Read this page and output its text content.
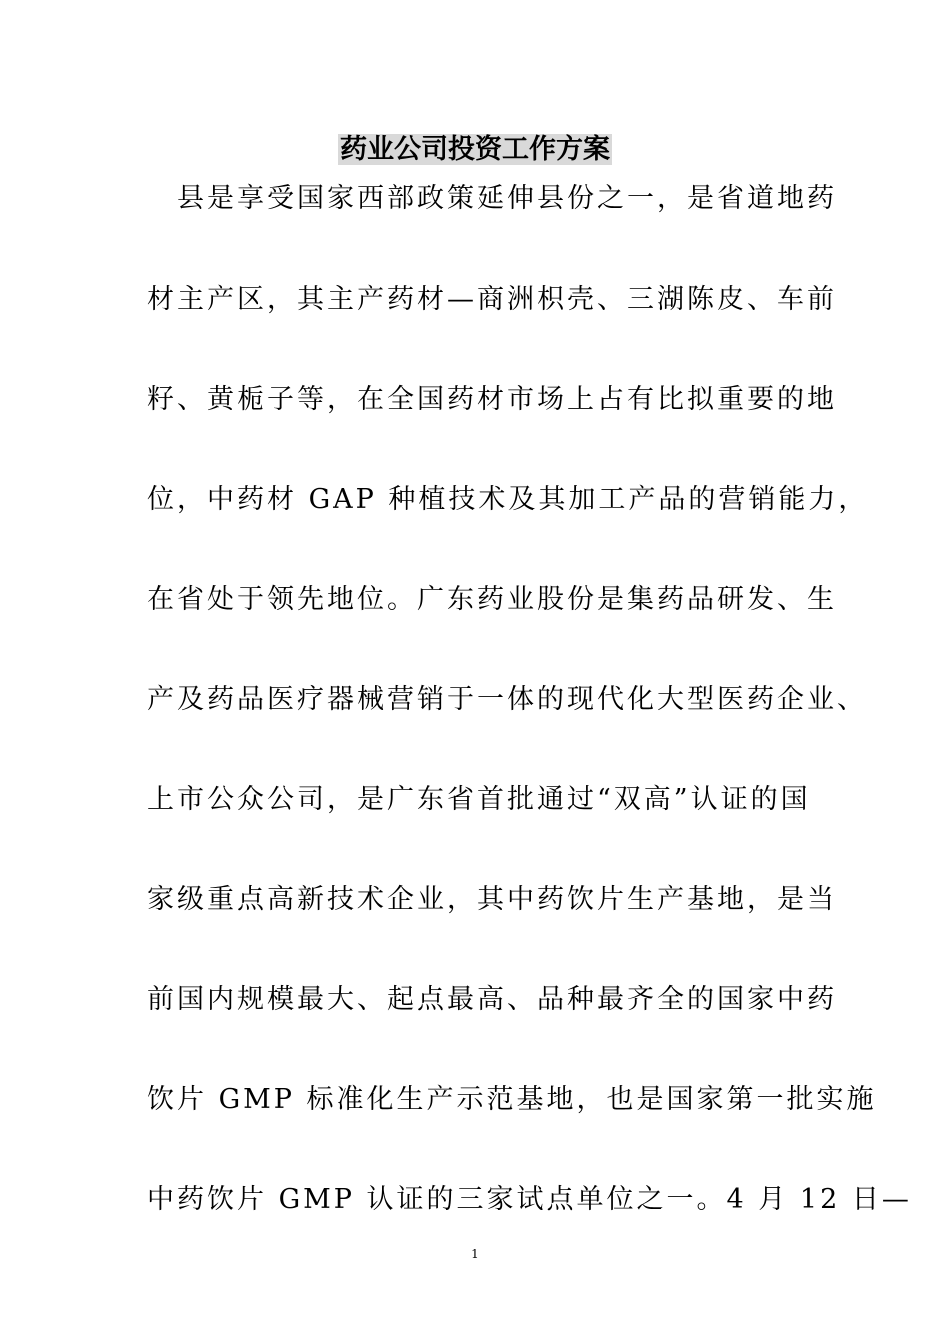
药业公司投资工作方案
　县是享受国家西部政策延伸县份之一，是省道地药
材主产区，其主产药材—商洲枳壳、三湖陈皮、车前
籽、黄栀子等，在全国药材市场上占有比拟重要的地
位，中药材 GAP 种植技术及其加工产品的营销能力，
在省处于领先地位。广东药业股份是集药品研发、生
产及药品医疗器械营销于一体的现代化大型医药企业、
上市公众公司，是广东省首批通过“双高”认证的国
家级重点高新技术企业，其中药饮片生产基地，是当
前国内规模最大、起点最高、品种最齐全的国家中药
饮片 GMP 标准化生产示范基地，也是国家第一批实施
中药饮片 GMP 认证的三家试点单位之一。4 月 12 日—
1
